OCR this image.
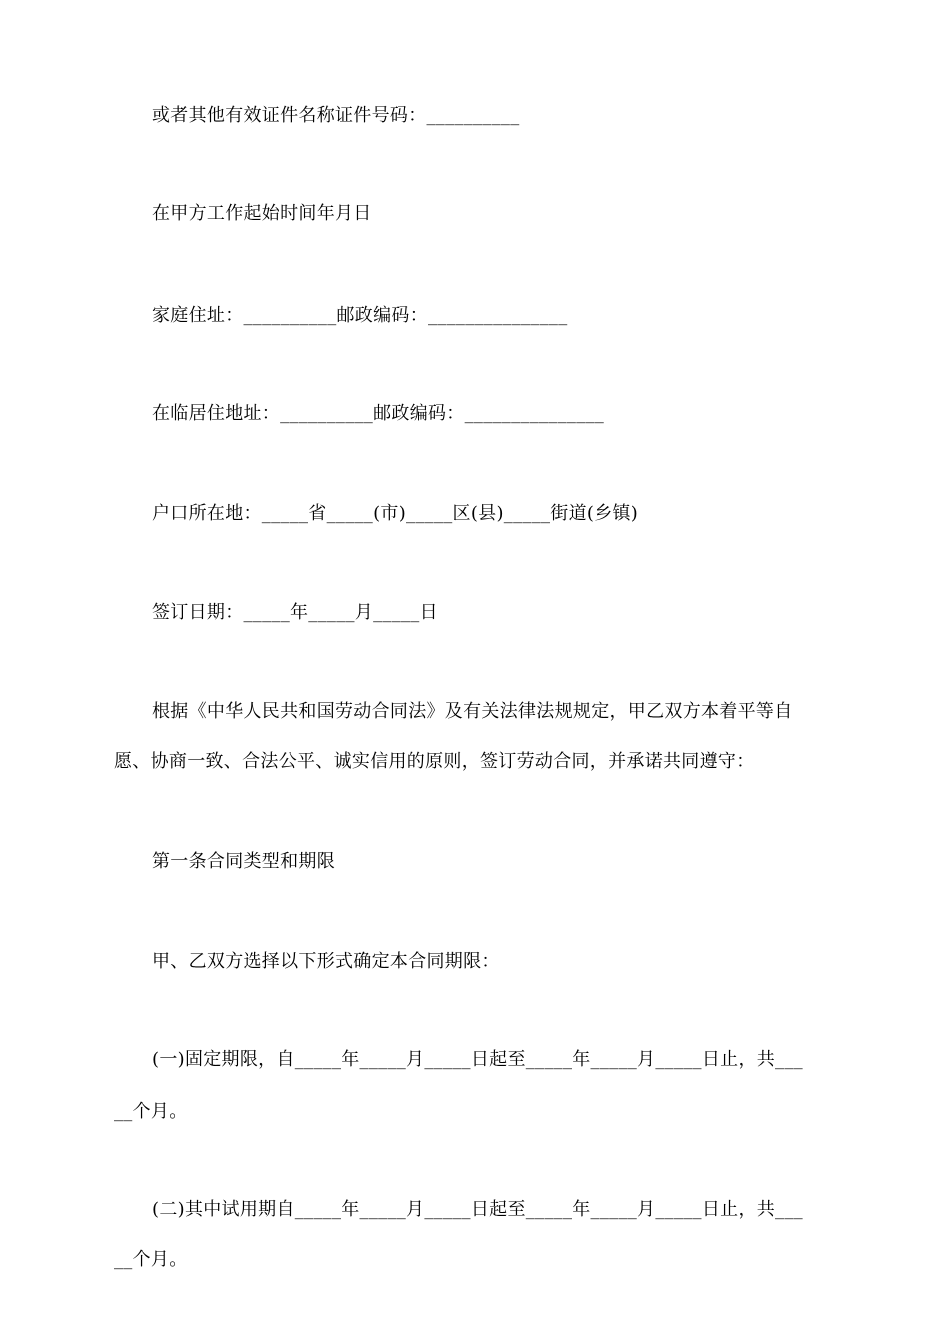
或者其他有效证件名称证件号码：__________
在甲方工作起始时间年月日
家庭住址：__________邮政编码：_______________
在临居住地址：__________邮政编码：_______________
户口所在地：_____省_____(市)_____区(县)_____街道(乡镇)
签订日期：_____年_____月_____日
根据《中华人民共和国劳动合同法》及有关法律法规规定，甲乙双方本着平等自
愿、协商一致、合法公平、诚实信用的原则，签订劳动合同，并承诺共同遵守：
第一条合同类型和期限
甲、乙双方选择以下形式确定本合同期限：
(一)固定期限，自_____年_____月_____日起至_____年_____月_____日止，共___
__个月。
(二)其中试用期自_____年_____月_____日起至_____年_____月_____日止，共___
__个月。
